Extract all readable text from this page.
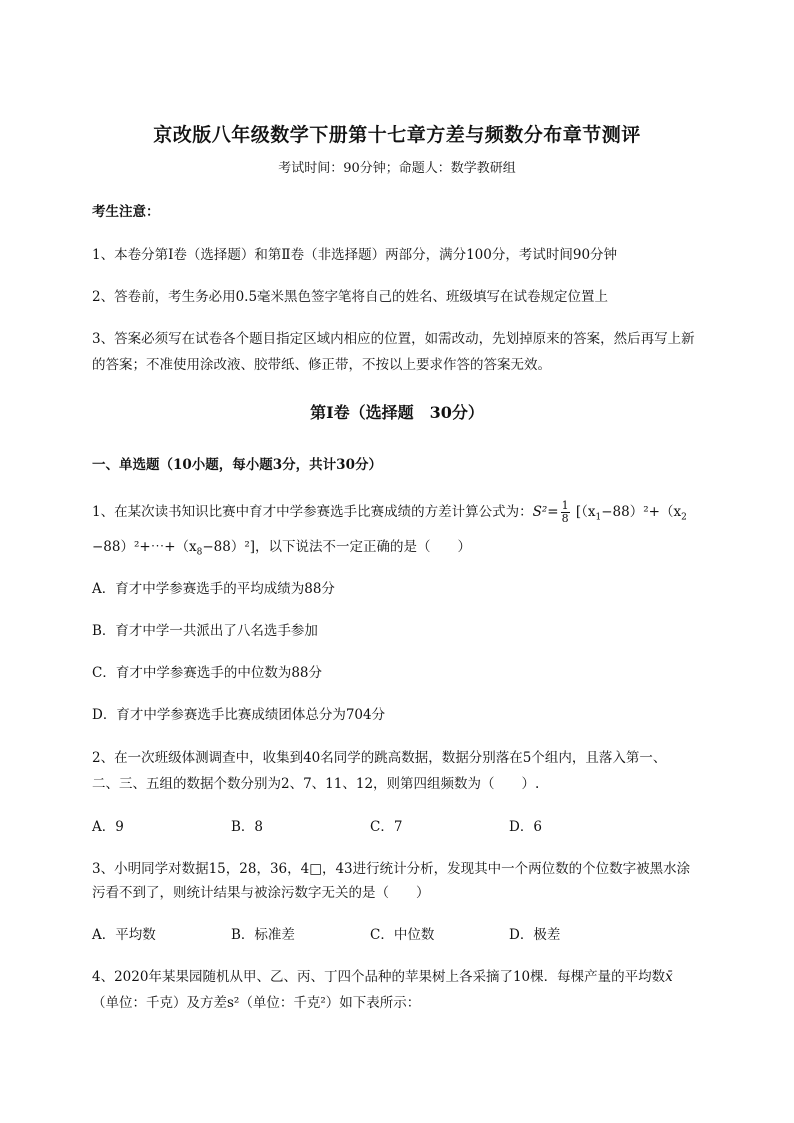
京改版八年级数学下册第十七章方差与频数分布章节测评
考试时间：90分钟；命题人：数学教研组
考生注意：
1、本卷分第I卷（选择题）和第Ⅱ卷（非选择题）两部分，满分100分，考试时间90分钟
2、答卷前，考生务必用0.5毫米黑色签字笔将自己的姓名、班级填写在试卷规定位置上
3、答案必须写在试卷各个题目指定区域内相应的位置，如需改动，先划掉原来的答案，然后再写上新
的答案；不准使用涂改液、胶带纸、修正带，不按以上要求作答的答案无效。
第I卷（选择题　30分）
一、单选题（10小题，每小题3分，共计30分）
1、在某次读书知识比赛中育才中学参赛选手比赛成绩的方差计算公式为：$S^2= \frac{1}{8} [(x_1-88)^2+(x_2$
$-88)^2+\cdots+(x_8-88)^2$]，以下说法不一定正确的是（　　）
A．育才中学参赛选手的平均成绩为88分
B．育才中学一共派出了八名选手参加
C．育才中学参赛选手的中位数为88分
D．育才中学参赛选手比赛成绩团体总分为704分
2、在一次班级体测调查中，收集到40名同学的跳高数据，数据分别落在5个组内，且落入第一、
二、三、五组的数据个数分别为2、7、11、12，则第四组频数为（　　）.
A．9	B．8	C．7	D．6
3、小明同学对数据15，28，36，4□，43进行统计分析，发现其中一个两位数的个位数字被黑水涂
污看不到了，则统计结果与被涂污数字无关的是（　　）
A．平均数	B．标准差	C．中位数	D．极差
4、2020年某果园随机从甲、乙、丙、丁四个品种的苹果树上各采摘了10棵．每棵产量的平均数x̄
（单位：千克）及方差s²（单位：千克²）如下表所示：
